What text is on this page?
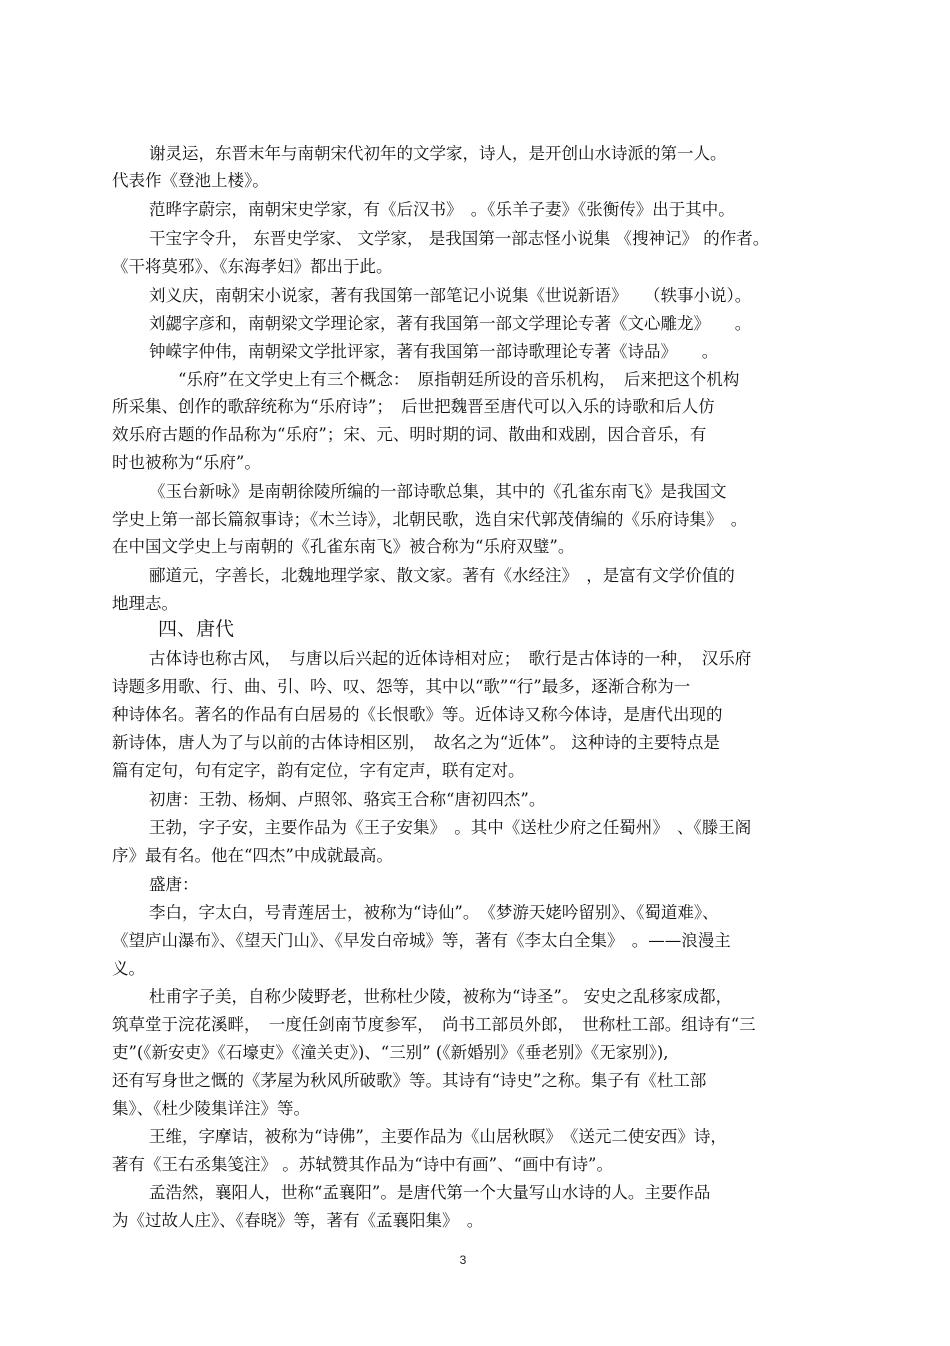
谢灵运，东晋末年与南朝宋代初年的文学家，诗人，是开创山水诗派的第一人。
代表作《登池上楼》。
范晔字蔚宗，南朝宋史学家，有《后汉书》　。《乐羊子妻》《张衡传》出于其中。
干宝字令升， 东晋史学家、 文学家， 是我国第一部志怪小说集 《搜神记》 的作者。
《干将莫邪》、《东海孝妇》都出于此。
刘义庆，南朝宋小说家，著有我国第一部笔记小说集《世说新语》　　（轶事小说）。
刘勰字彦和，南朝梁文学理论家，著有我国第一部文学理论专著《文心雕龙》　　。
钟嵘字仲伟，南朝梁文学批评家，著有我国第一部诗歌理论专著《诗品》　　。
“乐府”在文学史上有三个概念：　原指朝廷所设的音乐机构，　后来把这个机构
所采集、创作的歌辞统称为“乐府诗”；　后世把魏晋至唐代可以入乐的诗歌和后人仿
效乐府古题的作品称为“乐府”；宋、元、明时期的词、散曲和戏剧，因合音乐，有
时也被称为“乐府”。
《玉台新咏》是南朝徐陵所编的一部诗歌总集，其中的《孔雀东南飞》是我国文
学史上第一部长篇叙事诗；《木兰诗》，北朝民歌，选自宋代郭茂倩编的《乐府诗集》　。
在中国文学史上与南朝的《孔雀东南飞》被合称为“乐府双璧”。
郦道元，字善长，北魏地理学家、散文家。著有《水经注》　，是富有文学价值的
地理志。
四、唐代
古体诗也称古风，　与唐以后兴起的近体诗相对应；　歌行是古体诗的一种，　汉乐府
诗题多用歌、行、曲、引、吟、叹、怨等，其中以“歌”“行”最多，逐渐合称为一
种诗体名。著名的作品有白居易的《长恨歌》等。近体诗又称今体诗，是唐代出现的
新诗体，唐人为了与以前的古体诗相区别，　故名之为“近体”。 这种诗的主要特点是
篇有定句，句有定字，韵有定位，字有定声，联有定对。
初唐：王勃、杨炯、卢照邻、骆宾王合称“唐初四杰”。
王勃，字子安，主要作品为《王子安集》　。其中《送杜少府之任蜀州》　、《滕王阁
序》最有名。他在“四杰”中成就最高。
盛唐：
李白，字太白，号青莲居士，被称为“诗仙”。　《梦游天姥吟留别》、《蜀道难》、
《望庐山瀑布》、《望天门山》、《早发白帝城》等，著有《李太白全集》　。——浪漫主
义。
杜甫字子美，自称少陵野老，世称杜少陵，被称为“诗圣”。 安史之乱移家成都，
筑草堂于浣花溪畔，　一度任剑南节度参军，　尚书工部员外郎，　世称杜工部。组诗有“三
吏”(《新安吏》《石壕吏》《潼关吏》)、“三别” (《新婚别》《垂老别》《无家别》),
还有写身世之慨的《茅屋为秋风所破歌》等。其诗有“诗史”之称。集子有《杜工部
集》、《杜少陵集详注》等。
王维，字摩诘，被称为“诗佛”，主要作品为《山居秋暝》　《送元二使安西》诗，
著有《王右丞集笺注》 。苏轼赞其作品为“诗中有画”、“画中有诗”。
孟浩然，襄阳人，世称“孟襄阳”。是唐代第一个大量写山水诗的人。主要作品
为《过故人庄》、《春晓》等，著有《孟襄阳集》　。
3
